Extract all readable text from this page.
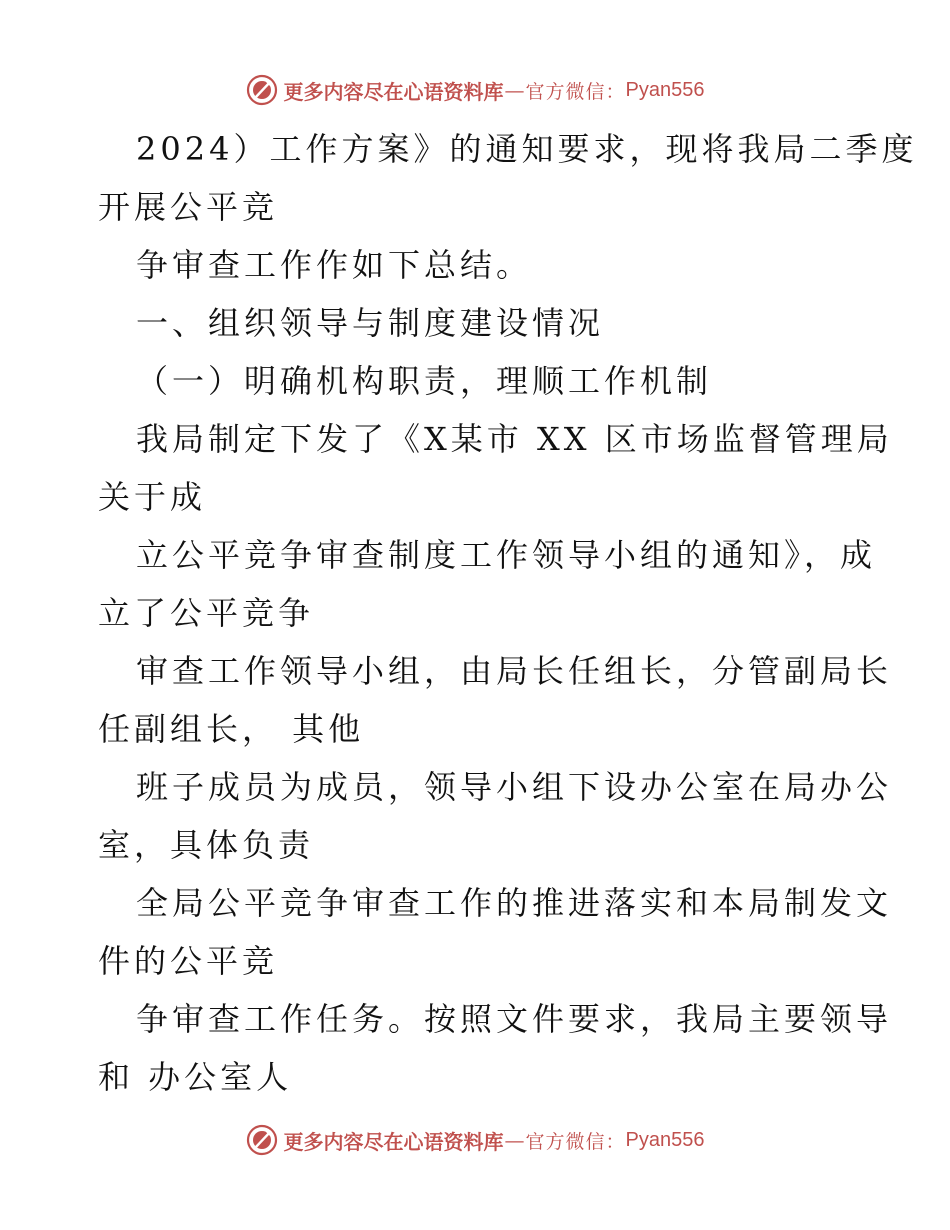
更多内容尽在心语资料库 — 官方微信： Pyan556
2024）工作方案》的通知要求，现将我局二季度
开展公平竞
争审查工作作如下总结。
一、组织领导与制度建设情况
（一）明确机构职责，理顺工作机制
我局制定下发了《X某市 XX 区市场监督管理局
关于成
立公平竞争审查制度工作领导小组的通知》，成
立了公平竞争
审查工作领导小组，由局长任组长，分管副局长
任副组长， 其他
班子成员为成员，领导小组下设办公室在局办公
室，具体负责
全局公平竞争审查工作的推进落实和本局制发文
件的公平竞
争审查工作任务。按照文件要求，我局主要领导
和 办公室人
更多内容尽在心语资料库 — 官方微信： Pyan556
